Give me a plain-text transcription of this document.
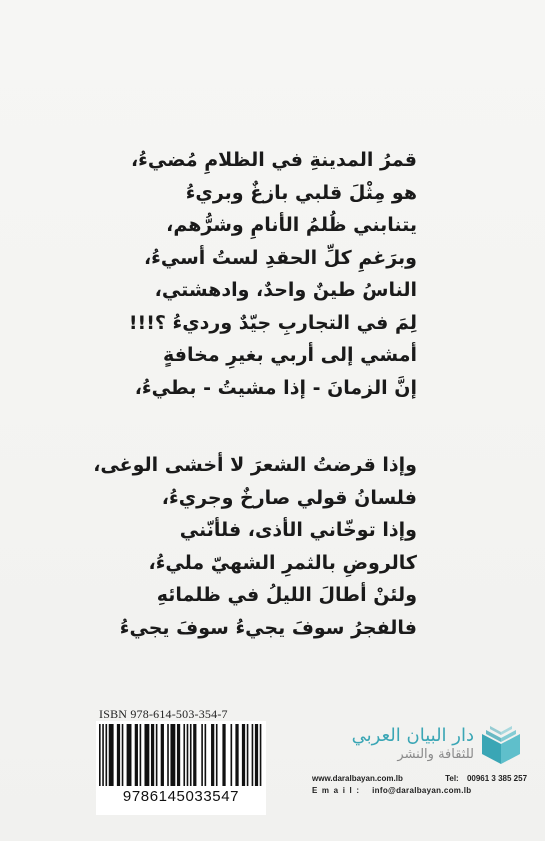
قمرُ المدينةِ في الظلامِ مُضيءُ،
هو مِثْلَ قلبي بازغٌ وبريءُ
يتنابني ظُلمُ الأنامِ وشرُّهم،
وبرَغمِ كلِّ الحقدِ لستُ أسيءُ،
الناسُ طينٌ واحدٌ، وادهشتي،
لِمَ في التجاربِ جيّدٌ ورديءُ ؟!!!
أمشي إلى أربي بغيرِ مخافةٍ
إنَّ الزمانَ - إذا مشيتُ - بطيءُ،
وإذا قرضتُ الشعرَ لا أخشى الوغى،
فلسانُ قولي صارخٌ وجريءُ،
وإذا توخّاني الأذى، فلأنّني
كالروضِ بالثمرِ الشهيّ مليءُ،
ولئنْ أطالَ الليلُ في ظلمائهِ
فالفجرُ سوفَ يجيءُ سوفَ يجيءُ
ISBN 978-614-503-354-7
9786145033547
دار البيان العربي
للثقافة والنشر
www.daralbayan.com.lb	Tel: 00961 3 385 257
Email: info@daralbayan.com.lb
